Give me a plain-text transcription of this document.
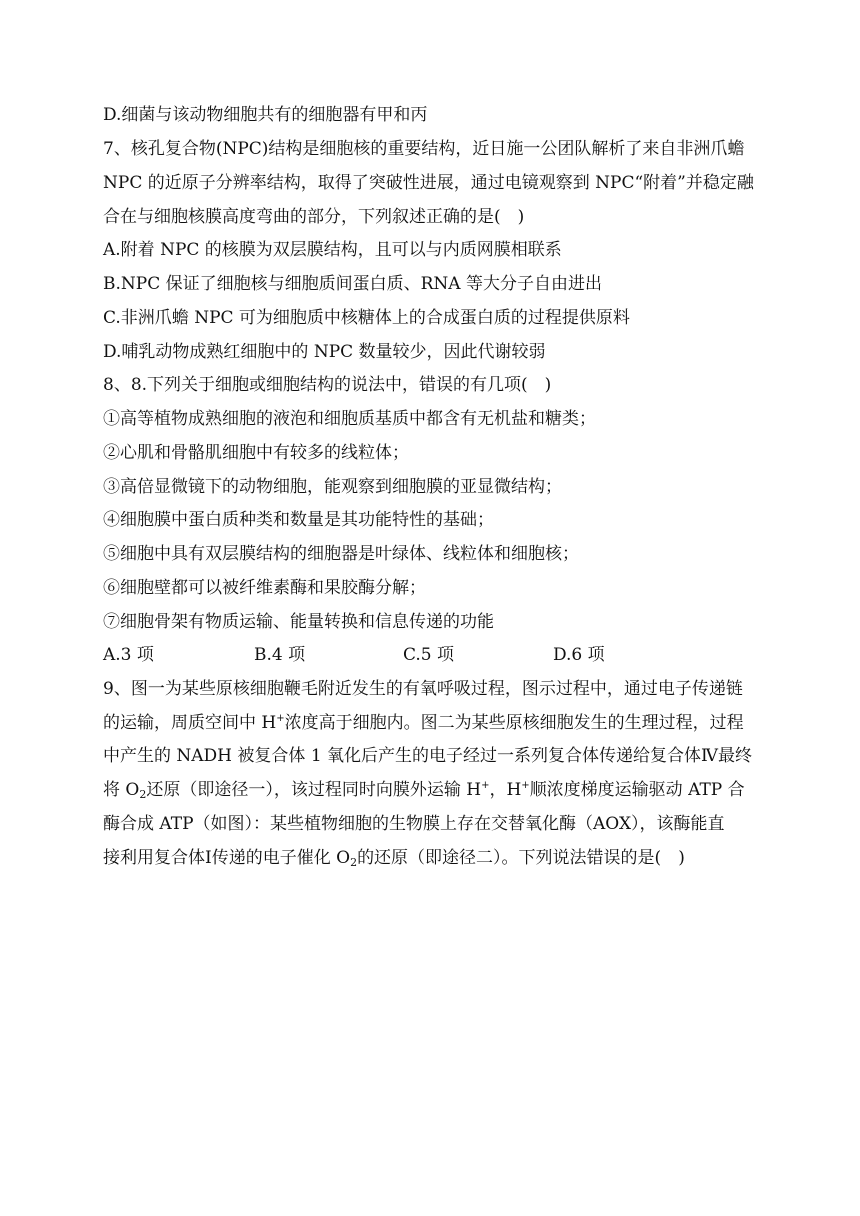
D.细菌与该动物细胞共有的细胞器有甲和丙
7、核孔复合物(NPC)结构是细胞核的重要结构，近日施一公团队解析了来自非洲爪蟾
NPC 的近原子分辨率结构，取得了突破性进展，通过电镜观察到 NPC“附着”并稳定融
合在与细胞核膜高度弯曲的部分，下列叙述正确的是(　)
A.附着 NPC 的核膜为双层膜结构，且可以与内质网膜相联系
B.NPC 保证了细胞核与细胞质间蛋白质、RNA 等大分子自由进出
C.非洲爪蟾 NPC 可为细胞质中核糖体上的合成蛋白质的过程提供原料
D.哺乳动物成熟红细胞中的 NPC 数量较少，因此代谢较弱
8、8.下列关于细胞或细胞结构的说法中，错误的有几项(　)
①高等植物成熟细胞的液泡和细胞质基质中都含有无机盐和糖类；
②心肌和骨骼肌细胞中有较多的线粒体；
③高倍显微镜下的动物细胞，能观察到细胞膜的亚显微结构；
④细胞膜中蛋白质种类和数量是其功能特性的基础；
⑤细胞中具有双层膜结构的细胞器是叶绿体、线粒体和细胞核；
⑥细胞壁都可以被纤维素酶和果胶酶分解；
⑦细胞骨架有物质运输、能量转换和信息传递的功能
A.3 项	B.4 项	C.5 项	D.6 项
9、图一为某些原核细胞鞭毛附近发生的有氧呼吸过程，图示过程中，通过电子传递链
的运输，周质空间中 H+浓度高于细胞内。图二为某些原核细胞发生的生理过程，过程
中产生的 NADH 被复合体 1 氧化后产生的电子经过一系列复合体传递给复合体Ⅳ最终
将 $O_2$还原（即途径一），该过程同时向膜外运输 H+，H+顺浓度梯度运输驱动 ATP 合
酶合成 ATP（如图）：某些植物细胞的生物膜上存在交替氧化酶（AOX），该酶能直
接利用复合体Ⅰ传递的电子催化 $O_2$的还原（即途径二）。下列说法错误的是(　)
